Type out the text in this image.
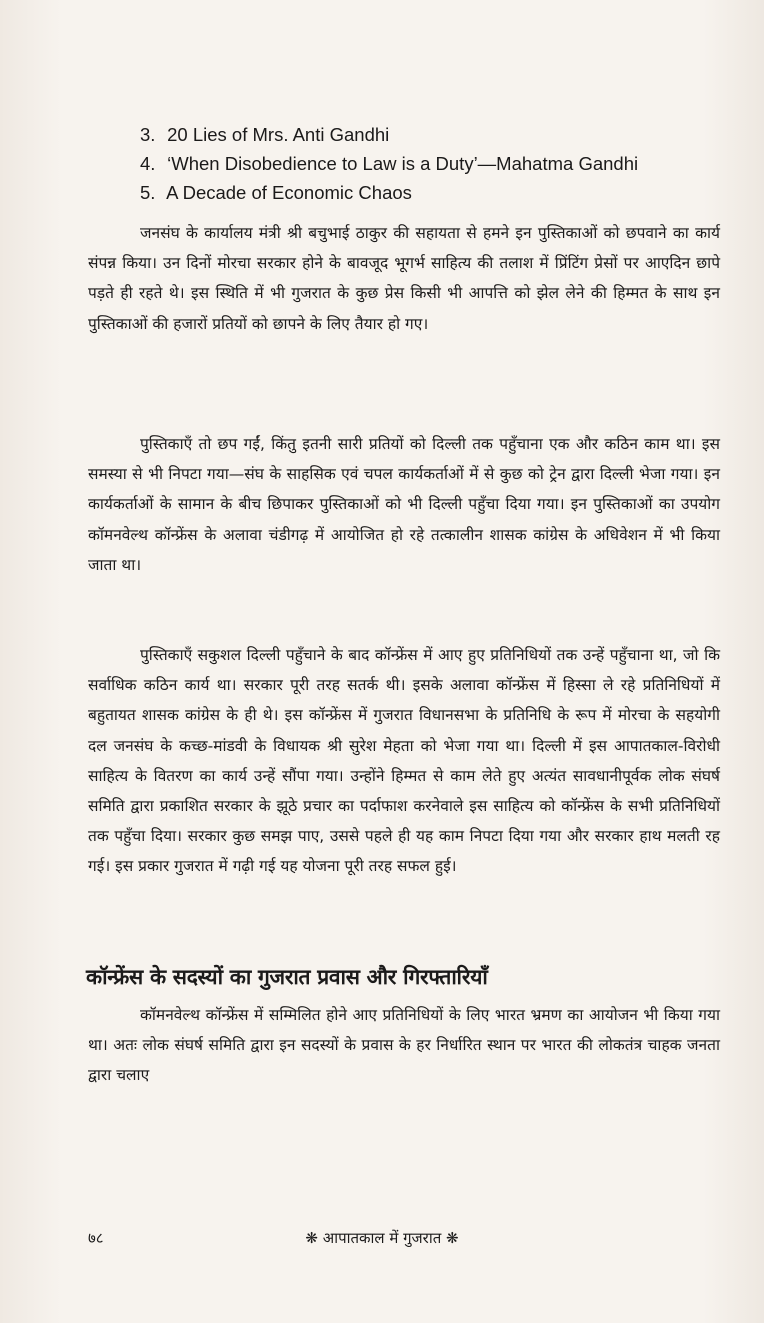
3. 20 Lies of Mrs. Anti Gandhi
4. ‘When Disobedience to Law is a Duty’—Mahatma Gandhi
5. A Decade of Economic Chaos

जनसंघ के कार्यालय मंत्री श्री बचुभाई ठाकुर की सहायता से हमने इन पुस्तिकाओं को छपवाने का कार्य संपन्न किया। उन दिनों मोरचा सरकार होने के बावजूद भूगर्भ साहित्य की तलाश में प्रिंटिंग प्रेसों पर आएदिन छापे पड़ते ही रहते थे। इस स्थिति में भी गुजरात के कुछ प्रेस किसी भी आपत्ति को झेल लेने की हिम्मत के साथ इन पुस्तिकाओं की हजारों प्रतियों को छापने के लिए तैयार हो गए।

पुस्तिकाएँ तो छप गईं, किंतु इतनी सारी प्रतियों को दिल्ली तक पहुँचाना एक और कठिन काम था। इस समस्या से भी निपटा गया—संघ के साहसिक एवं चपल कार्यकर्ताओं में से कुछ को ट्रेन द्वारा दिल्ली भेजा गया। इन कार्यकर्ताओं के सामान के बीच छिपाकर पुस्तिकाओं को भी दिल्ली पहुँचा दिया गया। इन पुस्तिकाओं का उपयोग कॉमनवेल्थ कॉन्फ्रेंस के अलावा चंडीगढ़ में आयोजित हो रहे तत्कालीन शासक कांग्रेस के अधिवेशन में भी किया जाता था।

पुस्तिकाएँ सकुशल दिल्ली पहुँचाने के बाद कॉन्फ्रेंस में आए हुए प्रतिनिधियों तक उन्हें पहुँचाना था, जो कि सर्वाधिक कठिन कार्य था। सरकार पूरी तरह सतर्क थी। इसके अलावा कॉन्फ्रेंस में हिस्सा ले रहे प्रतिनिधियों में बहुतायत शासक कांग्रेस के ही थे। इस कॉन्फ्रेंस में गुजरात विधानसभा के प्रतिनिधि के रूप में मोरचा के सहयोगी दल जनसंघ के कच्छ-मांडवी के विधायक श्री सुरेश मेहता को भेजा गया था। दिल्ली में इस आपातकाल-विरोधी साहित्य के वितरण का कार्य उन्हें सौंपा गया। उन्होंने हिम्मत से काम लेते हुए अत्यंत सावधानीपूर्वक लोक संघर्ष समिति द्वारा प्रकाशित सरकार के झूठे प्रचार का पर्दाफाश करनेवाले इस साहित्य को कॉन्फ्रेंस के सभी प्रतिनिधियों तक पहुँचा दिया। सरकार कुछ समझ पाए, उससे पहले ही यह काम निपटा दिया गया और सरकार हाथ मलती रह गई। इस प्रकार गुजरात में गढ़ी गई यह योजना पूरी तरह सफल हुई।

कॉन्फ्रेंस के सदस्यों का गुजरात प्रवास और गिरफ्तारियाँ

कॉमनवेल्थ कॉन्फ्रेंस में सम्मिलित होने आए प्रतिनिधियों के लिए भारत भ्रमण का आयोजन भी किया गया था। अतः लोक संघर्ष समिति द्वारा इन सदस्यों के प्रवास के हर निर्धारित स्थान पर भारत की लोकतंत्र चाहक जनता द्वारा चलाए

७८	❋ आपातकाल में गुजरात ❋
